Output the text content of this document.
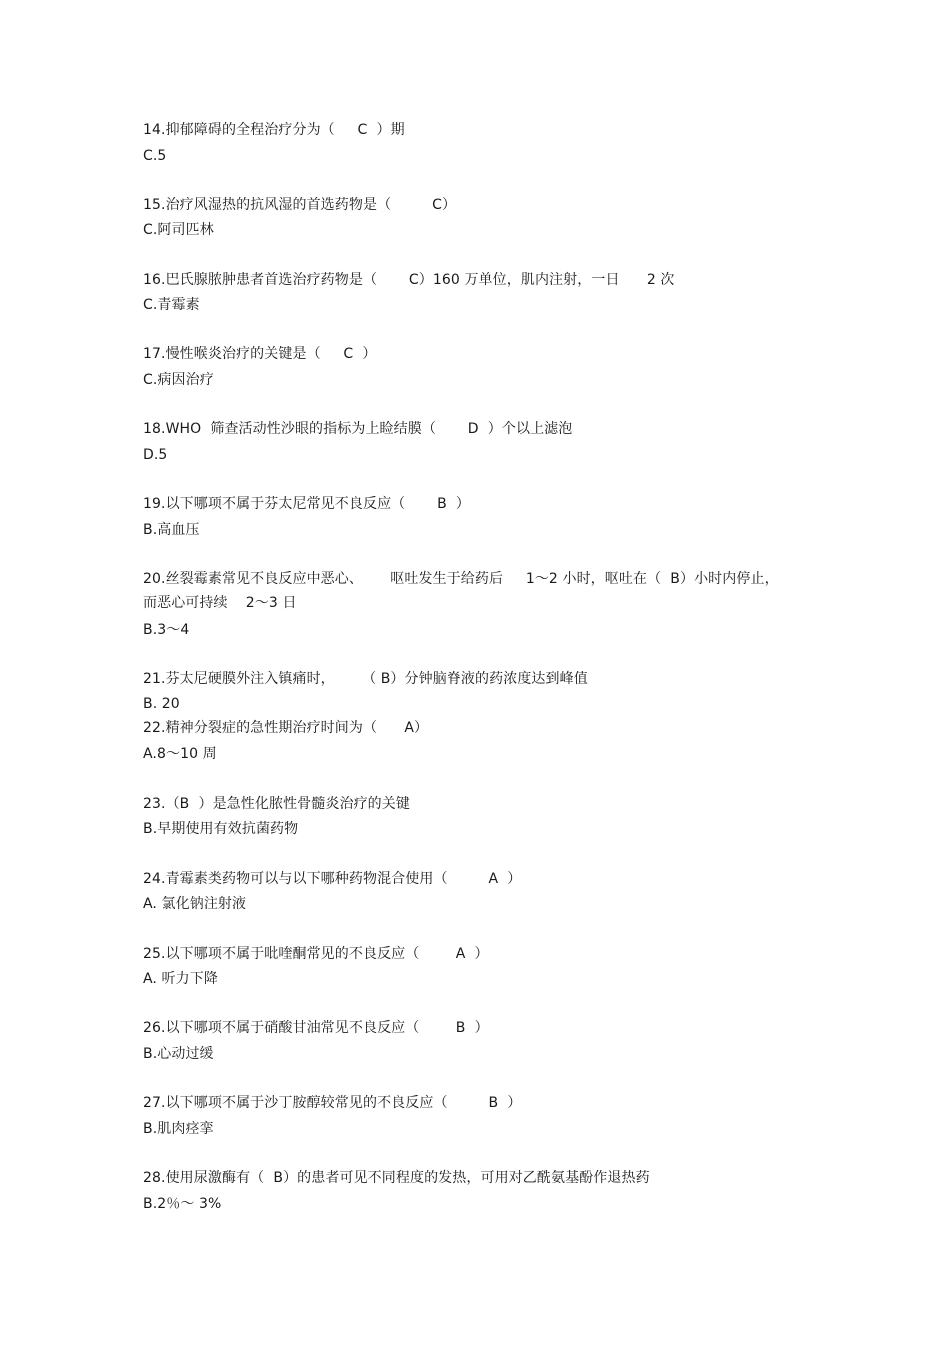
14.抑郁障碍的全程治疗分为（     C  ）期
C.5
15.治疗风湿热的抗风湿的首选药物是（         C）
C.阿司匹林
16.巴氏腺脓肿患者首选治疗药物是（       C）160 万单位，肌内注射，一日      2 次
C.青霉素
17.慢性喉炎治疗的关键是（     C  ）
C.病因治疗
18.WHO  筛查活动性沙眼的指标为上睑结膜（       D  ）个以上滤泡
D.5
19.以下哪项不属于芬太尼常见不良反应（       B  ）
B.高血压
20.丝裂霉素常见不良反应中恶心、      呕吐发生于给药后     1～2 小时，呕吐在（  B）小时内停止，
而恶心可持续    2～3 日
B.3～4
21.芬太尼硬膜外注入镇痛时，      （ B）分钟脑脊液的药浓度达到峰值
B. 20
22.精神分裂症的急性期治疗时间为（      A）
A.8～10 周
23.（B  ）是急性化脓性骨髓炎治疗的关键
B.早期使用有效抗菌药物
24.青霉素类药物可以与以下哪种药物混合使用（         A  ）
A. 氯化钠注射液
25.以下哪项不属于吡喹酮常见的不良反应（        A  ）
A. 听力下降
26.以下哪项不属于硝酸甘油常见不良反应（        B  ）
B.心动过缓
27.以下哪项不属于沙丁胺醇较常见的不良反应（         B  ）
B.肌肉痉挛
28.使用尿激酶有（  B）的患者可见不同程度的发热，可用对乙酰氨基酚作退热药
B.2％～ 3%
